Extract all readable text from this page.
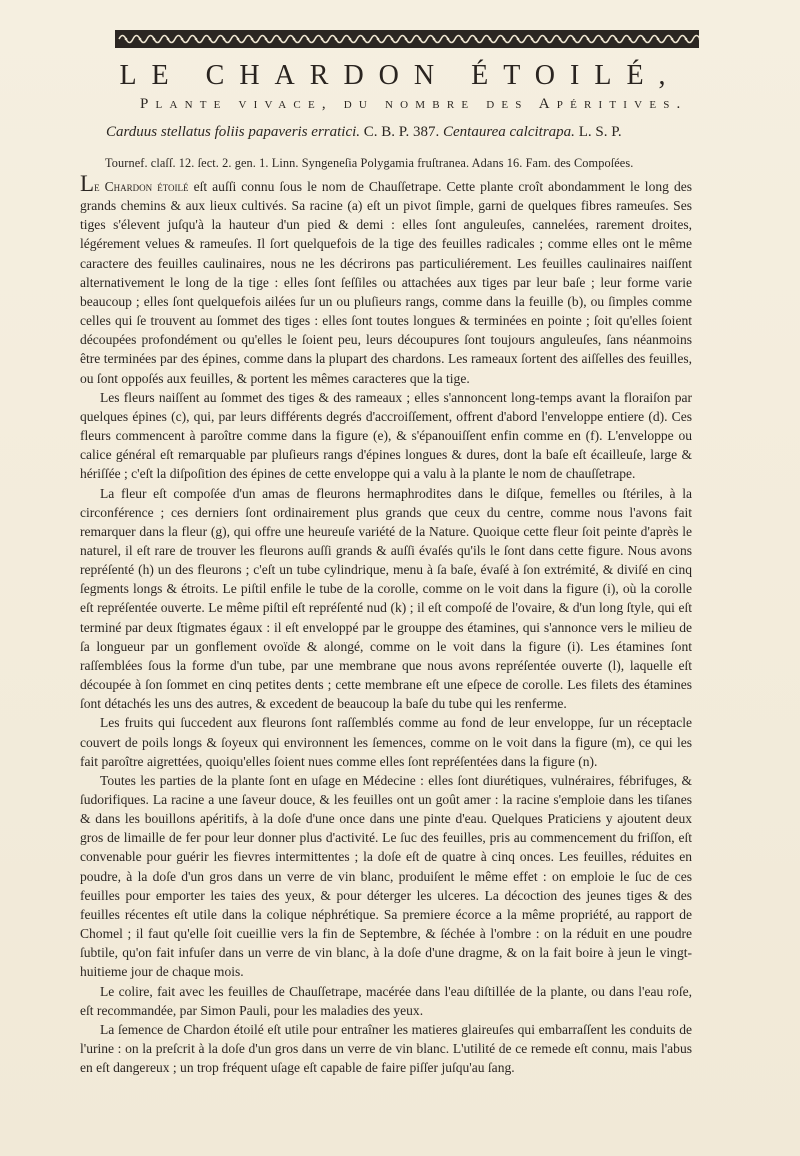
LE CHARDON ÉTOILÉ,
Plante vivace, du nombre des Apéritives.
Carduus stellatus foliis papaveris erratici. C. B. P. 387. Centaurea calcitrapa. L. S. P.
Tournef. claſſ. 12. ſect. 2. gen. 1. Linn. Syngeneſia Polygamia fruſtranea. Adans 16. Fam. des Compoſées.

Le Chardon étoilé eſt auſſi connu ſous le nom de Chauſſetrape. Cette plante croît abondamment le long des grands chemins & aux lieux cultivés. Sa racine (a) eſt un pivot ſimple, garni de quelques fibres rameuſes. Ses tiges s'élevent juſqu'à la hauteur d'un pied & demi : elles ſont anguleuſes, cannelées, rarement droites, légérement velues & rameuſes. Il ſort quelquefois de la tige des feuilles radicales ; comme elles ont le même caractere des feuilles caulinaires, nous ne les décrirons pas particuliérement. Les feuilles caulinaires naiſſent alternativement le long de la tige : elles ſont ſeſſiles ou attachées aux tiges par leur baſe ; leur forme varie beaucoup ; elles ſont quelquefois ailées ſur un ou pluſieurs rangs, comme dans la feuille (b), ou ſimples comme celles qui ſe trouvent au ſommet des tiges : elles ſont toutes longues & terminées en pointe ; ſoit qu'elles ſoient découpées profondément ou qu'elles le ſoient peu, leurs découpures ſont toujours anguleuſes, ſans néanmoins être terminées par des épines, comme dans la plupart des chardons. Les rameaux ſortent des aiſſelles des feuilles, ou ſont oppoſés aux feuilles, & portent les mêmes caracteres que la tige.

Les fleurs naiſſent au ſommet des tiges & des rameaux ; elles s'annoncent long-temps avant la floraiſon par quelques épines (c), qui, par leurs différents degrés d'accroiſſement, offrent d'abord l'enveloppe entiere (d). Ces fleurs commencent à paroître comme dans la figure (e), & s'épanouiſſent enfin comme en (f). L'enveloppe ou calice général eſt remarquable par pluſieurs rangs d'épines longues & dures, dont la baſe eſt écailleuſe, large & hériſſée ; c'eſt la diſpoſition des épines de cette enveloppe qui a valu à la plante le nom de chauſſetrape.

La fleur eſt compoſée d'un amas de fleurons hermaphrodites dans le diſque, femelles ou ſtériles, à la circonférence ; ces derniers ſont ordinairement plus grands que ceux du centre, comme nous l'avons fait remarquer dans la fleur (g), qui offre une heureuſe variété de la Nature. Quoique cette fleur ſoit peinte d'après le naturel, il eſt rare de trouver les fleurons auſſi grands & auſſi évaſés qu'ils le ſont dans cette figure. Nous avons repréſenté (h) un des fleurons ; c'eſt un tube cylindrique, menu à ſa baſe, évaſé à ſon extrémité, & diviſé en cinq ſegments longs & étroits. Le piſtil enfile le tube de la corolle, comme on le voit dans la figure (i), où la corolle eſt repréſentée ouverte. Le même piſtil eſt repréſenté nud (k) ; il eſt compoſé de l'ovaire, & d'un long ſtyle, qui eſt terminé par deux ſtigmates égaux : il eſt enveloppé par le grouppe des étamines, qui s'annonce vers le milieu de ſa longueur par un gonflement ovoïde & alongé, comme on le voit dans la figure (i). Les étamines ſont raſſemblées ſous la forme d'un tube, par une membrane que nous avons repréſentée ouverte (l), laquelle eſt découpée à ſon ſommet en cinq petites dents ; cette membrane eſt une eſpece de corolle. Les filets des étamines ſont détachés les uns des autres, & excedent de beaucoup la baſe du tube qui les renferme.

Les fruits qui ſuccedent aux fleurons ſont raſſemblés comme au fond de leur enveloppe, ſur un réceptacle couvert de poils longs & ſoyeux qui environnent les ſemences, comme on le voit dans la figure (m), ce qui les fait paroître aigrettées, quoiqu'elles ſoient nues comme elles ſont repréſentées dans la figure (n).

Toutes les parties de la plante ſont en uſage en Médecine : elles ſont diurétiques, vulnéraires, fébrifuges, & ſudorifiques. La racine a une ſaveur douce, & les feuilles ont un goût amer : la racine s'emploie dans les tiſanes & dans les bouillons apéritifs, à la doſe d'une once dans une pinte d'eau. Quelques Praticiens y ajoutent deux gros de limaille de fer pour leur donner plus d'activité. Le ſuc des feuilles, pris au commencement du friſſon, eſt convenable pour guérir les fievres intermittentes ; la doſe eſt de quatre à cinq onces. Les feuilles, réduites en poudre, à la doſe d'un gros dans un verre de vin blanc, produiſent le même effet : on emploie le ſuc de ces feuilles pour emporter les taies des yeux, & pour déterger les ulceres. La décoction des jeunes tiges & des feuilles récentes eſt utile dans la colique néphrétique. Sa premiere écorce a la même propriété, au rapport de Chomel ; il faut qu'elle ſoit cueillie vers la fin de Septembre, & ſéchée à l'ombre : on la réduit en une poudre ſubtile, qu'on fait infuſer dans un verre de vin blanc, à la doſe d'une dragme, & on la fait boire à jeun le vingt-huitieme jour de chaque mois.

Le colire, fait avec les feuilles de Chauſſetrape, macérée dans l'eau diſtillée de la plante, ou dans l'eau roſe, eſt recommandée, par Simon Pauli, pour les maladies des yeux.

La ſemence de Chardon étoilé eſt utile pour entraîner les matieres glaireuſes qui embarraſſent les conduits de l'urine : on la preſcrit à la doſe d'un gros dans un verre de vin blanc. L'utilité de ce remede eſt connu, mais l'abus en eſt dangereux ; un trop fréquent uſage eſt capable de faire piſſer juſqu'au ſang.
